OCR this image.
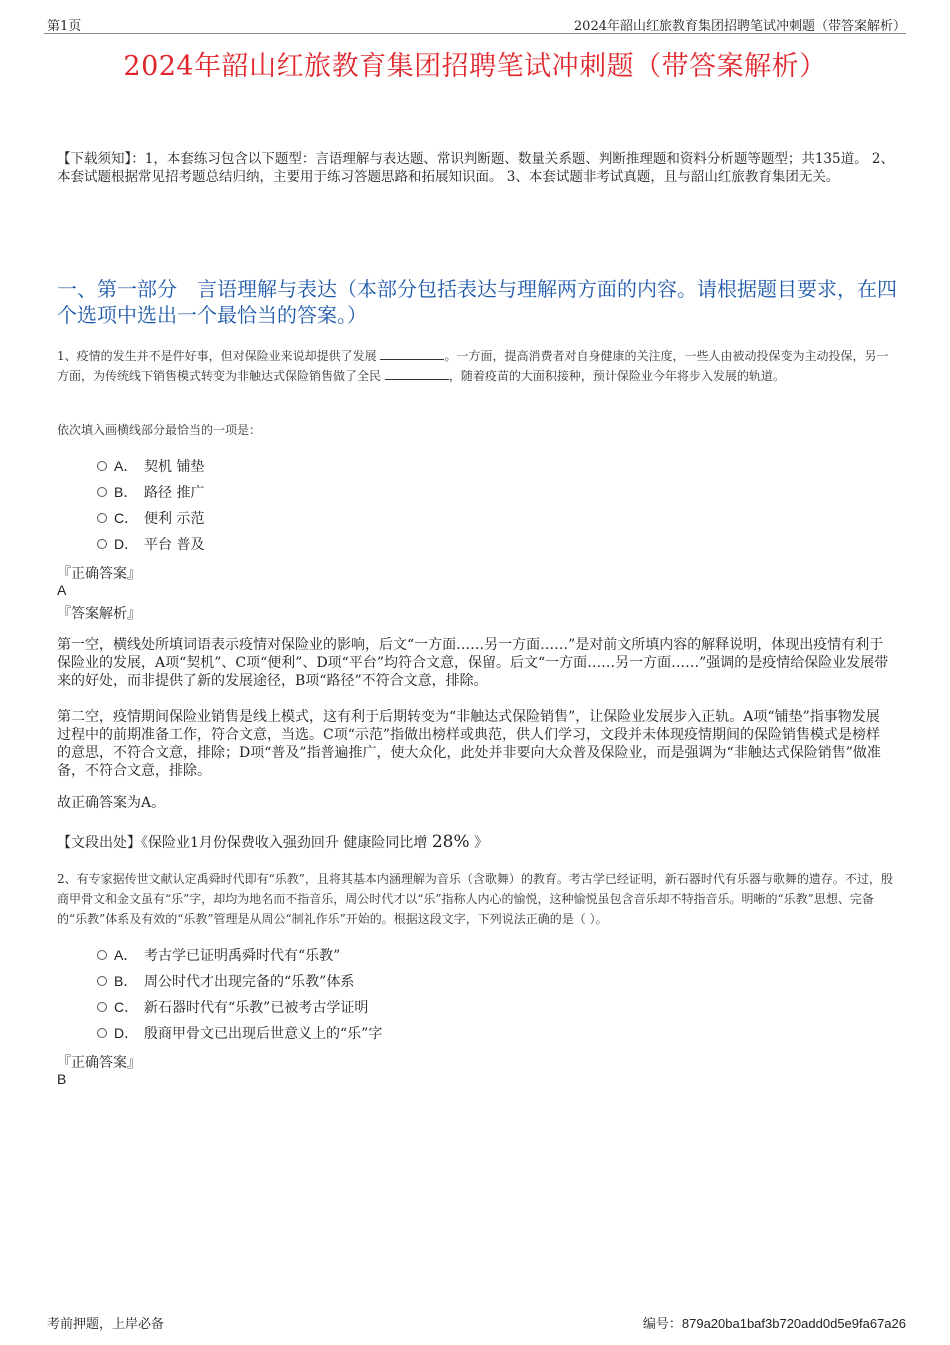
第1页	2024年韶山红旅教育集团招聘笔试冲刺题（带答案解析）
2024年韶山红旅教育集团招聘笔试冲刺题（带答案解析）
【下载须知】：1，本套练习包含以下题型：言语理解与表达题、常识判断题、数量关系题、判断推理题和资料分析题等题型；共135道。 2、本套试题根据常见招考题总结归纳，主要用于练习答题思路和拓展知识面。 3、本套试题非考试真题，且与韶山红旅教育集团无关。
一、第一部分　言语理解与表达（本部分包括表达与理解两方面的内容。请根据题目要求，在四个选项中选出一个最恰当的答案。）
1、疫情的发生并不是件好事，但对保险业来说却提供了发展	。一方面，提高消费者对自身健康的关注度，一些人由被动投保变为主动投保，另一方面，为传统线下销售模式转变为非触达式保险销售做了全民	，随着疫苗的大面积接种，预计保险业今年将步入发展的轨道。
依次填入画横线部分最恰当的一项是：
A． 契机 铺垫
B． 路径 推广
C． 便利 示范
D． 平台 普及
『正确答案』
A
『答案解析』
第一空，横线处所填词语表示疫情对保险业的影响，后文“一方面……另一方面……”是对前文所填内容的解释说明，体现出疫情有利于保险业的发展，A项“契机”、C项“便利”、D项“平台”均符合文意，保留。后文“一方面……另一方面……”强调的是疫情给保险业发展带来的好处，而非提供了新的发展途径，B项“路径”不符合文意，排除。
第二空，疫情期间保险业销售是线上模式，这有利于后期转变为“非触达式保险销售”，让保险业发展步入正轨。A项“铺垫”指事物发展过程中的前期准备工作，符合文意，当选。C项“示范”指做出榜样或典范，供人们学习，文段并未体现疫情期间的保险销售模式是榜样的意思，不符合文意，排除；D项“普及”指普遍推广，使大众化，此处并非要向大众普及保险业，而是强调为“非触达式保险销售”做准备，不符合文意，排除。
故正确答案为A。
【文段出处】《保险业1月份保费收入强劲回升 健康险同比增 28% 》
2、有专家据传世文献认定禹舜时代即有“乐教”，且将其基本内涵理解为音乐（含歌舞）的教育。考古学已经证明，新石器时代有乐器与歌舞的遗存。不过，殷商甲骨文和金文虽有“乐”字，却均为地名而不指音乐，周公时代才以“乐”指称人内心的愉悦，这种愉悦虽包含音乐却不特指音乐。明晰的“乐教”思想、完备的“乐教”体系及有效的“乐教”管理是从周公“制礼作乐”开始的。根据这段文字，下列说法正确的是（ ）。
A． 考古学已证明禹舜时代有“乐教”
B． 周公时代才出现完备的“乐教”体系
C． 新石器时代有“乐教”已被考古学证明
D． 殷商甲骨文已出现后世意义上的“乐”字
『正确答案』
B
考前押题，上岸必备	编号：879a20ba1baf3b720add0d5e9fa67a26
